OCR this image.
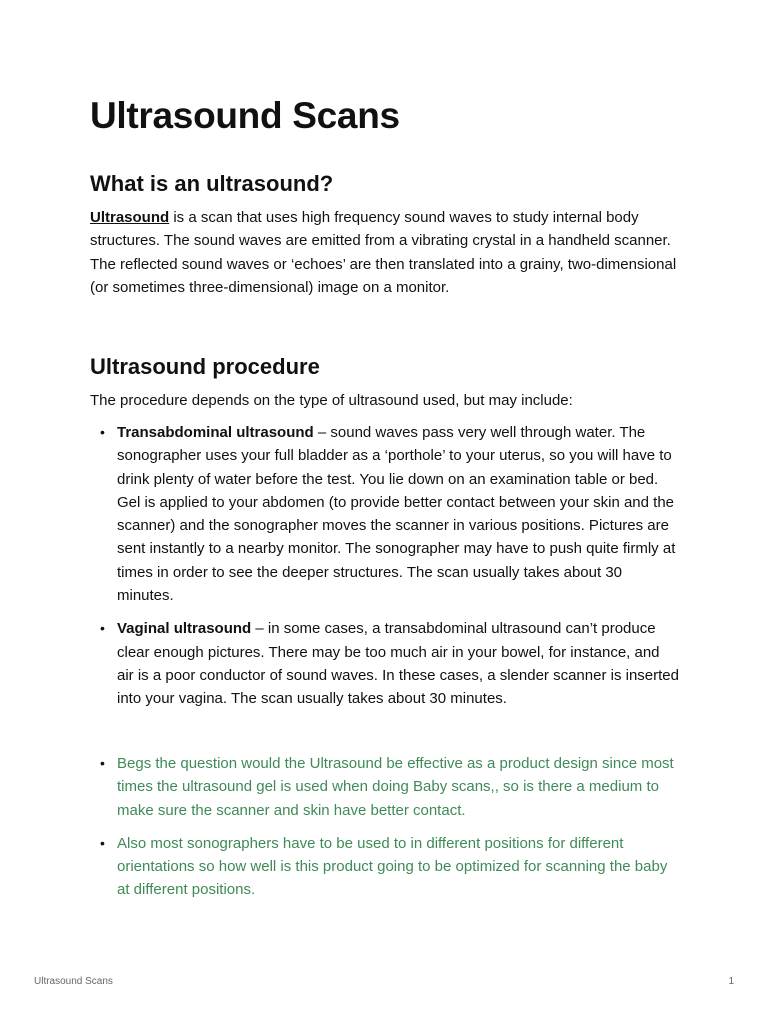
Ultrasound Scans
What is an ultrasound?

Ultrasound is a scan that uses high frequency sound waves to study internal body structures. The sound waves are emitted from a vibrating crystal in a handheld scanner. The reflected sound waves or ‘echoes’ are then translated into a grainy, two-dimensional (or sometimes three-dimensional) image on a monitor.

Ultrasound procedure

The procedure depends on the type of ultrasound used, but may include:

• Transabdominal ultrasound – sound waves pass very well through water. The sonographer uses your full bladder as a ‘porthole’ to your uterus, so you will have to drink plenty of water before the test. You lie down on an examination table or bed. Gel is applied to your abdomen (to provide better contact between your skin and the scanner) and the sonographer moves the scanner in various positions. Pictures are sent instantly to a nearby monitor. The sonographer may have to push quite firmly at times in order to see the deeper structures. The scan usually takes about 30 minutes.
• Vaginal ultrasound – in some cases, a transabdominal ultrasound can’t produce clear enough pictures. There may be too much air in your bowel, for instance, and air is a poor conductor of sound waves. In these cases, a slender scanner is inserted into your vagina. The scan usually takes about 30 minutes.
• Begs the question would the Ultrasound be effective as a product design since most times the ultrasound gel is used when doing Baby scans,, so is there a medium to make sure the scanner and skin have better contact.
• Also most sonographers have to be used to in different positions for different orientations so how well is this product going to be optimized for scanning the baby at different positions.
Ultrasound Scans	1
